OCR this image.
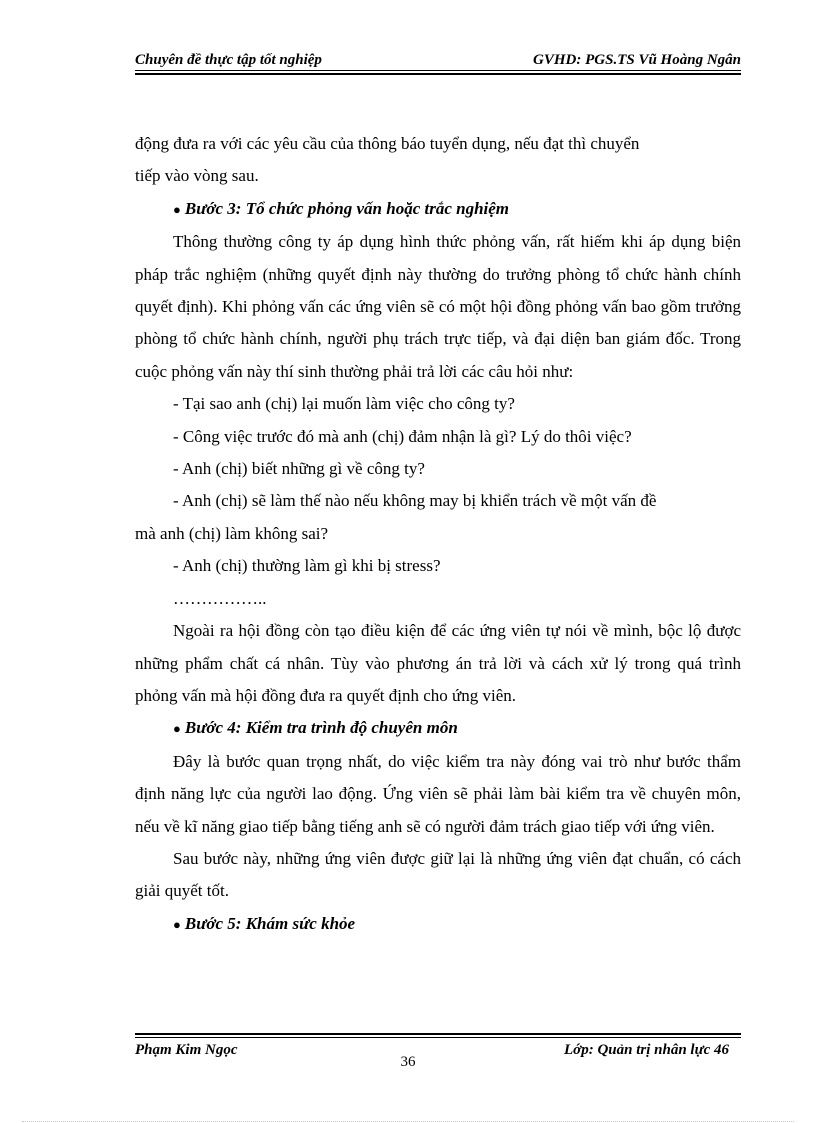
Chuyên đề thực tập tốt nghiệp	GVHD: PGS.TS Vũ Hoàng Ngân

động đưa ra với các yêu cầu của thông báo tuyển dụng, nếu đạt thì chuyển

tiếp vào vòng sau.

● Bước 3: Tổ chức phỏng vấn hoặc trắc nghiệm

Thông thường công ty áp dụng hình thức phỏng vấn, rất hiếm khi áp dụng biện pháp trắc nghiệm (những quyết định này thường do trưởng phòng tổ chức hành chính quyết định). Khi phỏng vấn các ứng viên sẽ có một hội đồng phỏng vấn bao gồm trưởng phòng tổ chức hành chính, người phụ trách trực tiếp, và đại diện ban giám đốc. Trong cuộc phỏng vấn này thí sinh thường phải trả lời các câu hỏi như:

- Tại sao anh (chị) lại muốn làm việc cho công ty?

- Công việc trước đó mà anh (chị) đảm nhận là gì? Lý do thôi việc?

- Anh (chị) biết những gì về công ty?

- Anh (chị) sẽ làm thế nào nếu không may bị khiển trách về một vấn đề

mà anh (chị) làm không sai?

- Anh (chị) thường làm gì khi bị stress?

……………..

Ngoài ra hội đồng còn tạo điều kiện để các ứng viên tự nói về mình, bộc lộ được những phẩm chất cá nhân. Tùy vào phương án trả lời và cách xử lý trong quá trình phỏng vấn mà hội đồng đưa ra quyết định cho ứng viên.

● Bước 4: Kiểm tra trình độ chuyên môn

Đây là bước quan trọng nhất, do việc kiểm tra này đóng vai trò như bước thẩm định năng lực của người lao động. Ứng viên sẽ phải làm bài kiểm tra về chuyên môn, nếu về kĩ năng giao tiếp bằng tiếng anh sẽ có người đảm trách giao tiếp với ứng viên.

Sau bước này, những ứng viên được giữ lại là những ứng viên đạt chuẩn, có cách giải quyết tốt.

● Bước 5: Khám sức khỏe

Phạm Kim Ngọc	Lớp: Quản trị nhân lực 46
36
